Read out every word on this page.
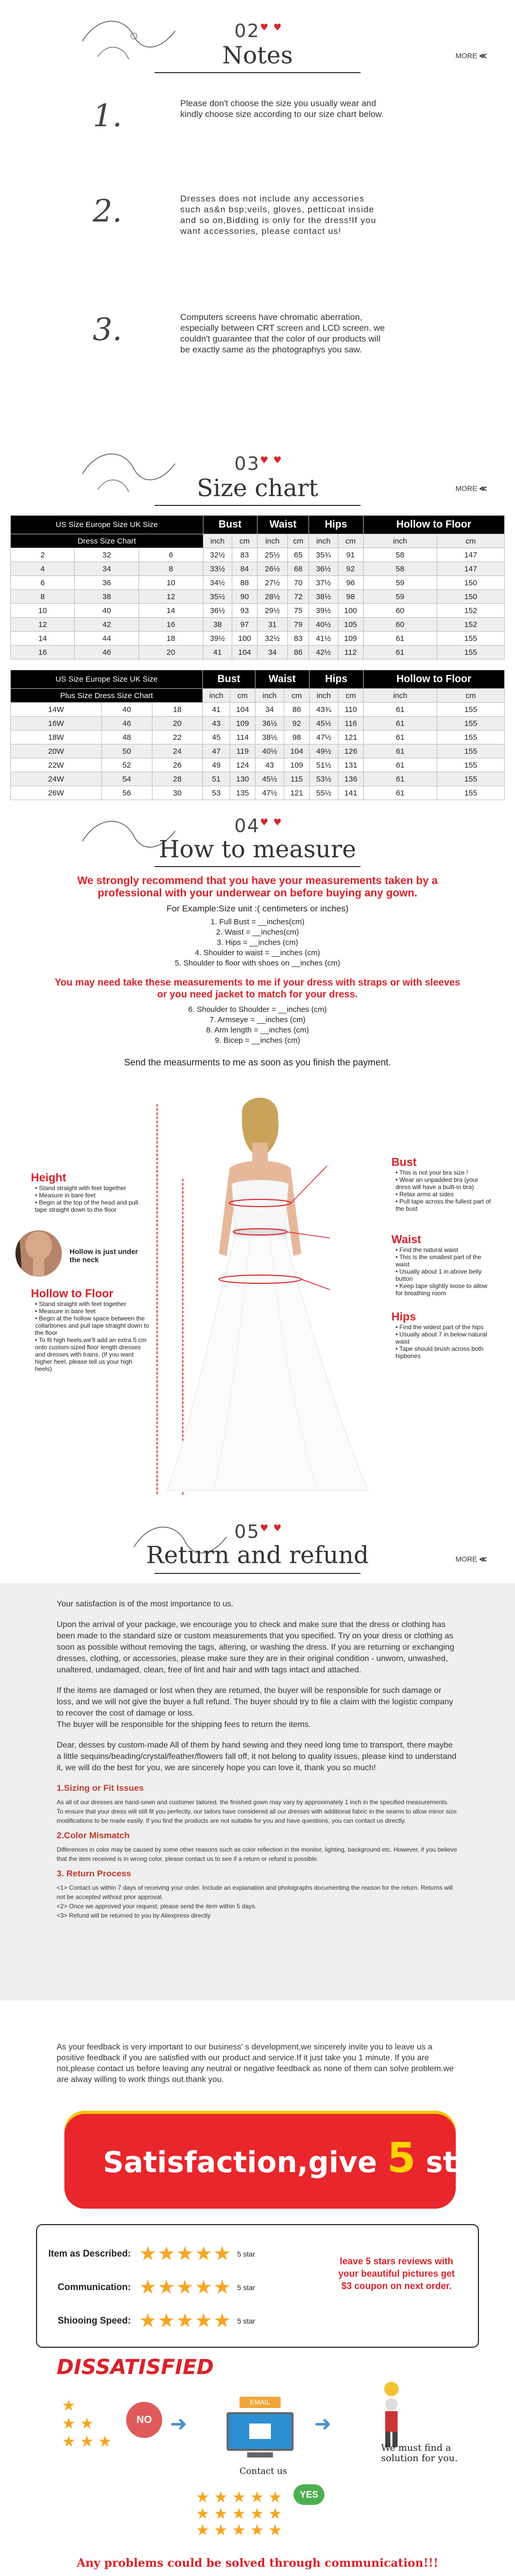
02♥ ♥
Notes	MORE ≪
1.	Please don't choose the size you usually wear and kindly choose size according to our size chart below.
2.	Dresses does not include any accessories such as&n bsp;veils, gloves, petticoat inside and so on,Bidding is only for the dress!If you want accessories, please contact us!
3.	Computers screens have chromatic aberration, especially between CRT screen and LCD screen. we couldn't guarantee that the color of our products will be exactly same as the photographys you saw.
03♥ ♥
Size chart	MORE ≪
US Size Europe Size UK Size			Bust		Waist		Hips		Hollow to Floor	
Dress Size Chart			inch	cm	inch	cm	inch	cm	inch	cm
2	32	6	32½	83	25½	65	35¾	91	58	147
4	34	8	33½	84	26½	68	36½	92	58	147
6	36	10	34½	88	27½	70	37½	96	59	150
8	38	12	35½	90	28½	72	38½	98	59	150
10	40	14	36½	93	29½	75	39½	100	60	152
12	42	16	38	97	31	79	40½	105	60	152
14	44	18	39½	100	32½	83	41½	109	61	155
16	46	20	41	104	34	86	42½	112	61	155
US Size Europe Size UK Size			Bust		Waist		Hips		Hollow to Floor	
Plus Size Dress Size Chart			inch	cm	inch	cm	inch	cm	inch	cm
14W	40	18	41	104	34	86	43¾	110	61	155
16W	46	20	43	109	36½	92	45½	116	61	155
18W	48	22	45	114	38½	98	47½	121	61	155
20W	50	24	47	119	40½	104	49½	126	61	155
22W	52	26	49	124	43	109	51½	131	61	155
24W	54	28	51	130	45½	115	53½	136	61	155
26W	56	30	53	135	47½	121	55½	141	61	155
04♥ ♥
How to measure
We strongly recommend that you have your measurements taken by a professional with your underwear on before buying any gown.
For Example:Size unit :( centimeters or inches)
1. Full Bust = __inches(cm)
2. Waist = __inches(cm)
3. Hips = __inches (cm)
4. Shoulder to waist = __inches (cm)
5. Shoulder to floor with shoes on __inches (cm)
You may need take these measurements to me if your dress with straps or with sleeves or you need jacket to match for your dress.
6. Shoulder to Shoulder = __inches (cm)
7. Armseye = __inches (cm)
8. Arm length = __inches (cm)
9. Bicep = __inches (cm)
Send the measurments to me as soon as you finish the payment.
Height
• Stand straight with feet together
• Measure in bare feet
• Begin at the top of the head and pull tape straight down to the floor
Hollow is just under the neck
Hollow to Floor
• Stand straight with feet together
• Measure in bare feet
• Begin at the hollow space between the collarbones and pull tape straight down to the floor
• To fit high heels,we'll add an extra 5 cm onto custom-sized floor length dresses and dresses with trains. (If you want higher heel, please tell us your high heels)
Bust
• This is not your bra size !
• Wear an unpadded bra (your dress will have a built-in bra)
• Relax arms at sides
• Pull tape across the fullest part of the bust
Waist
• Find the natural waist
• This is the smallest part of the waist
• Usually about 1 in.above belly button
• Keep tape slightly loose to allow for breathing room
Hips
• Find the widest part of the hips
• Usually about 7 in.below natural waist
• Tape should brush across both hipbones
05♥ ♥
Return and refund	MORE ≪

Your satisfaction is of the most importance to us.

Upon the arrival of your package, we encourage you to check and make sure that the dress or clothing has been made to the standard size or custom measurements that you specified. Try on your dress or clothing as soon as possible without removing the tags, altering, or washing the dress. If you are returning or exchanging dresses, clothing, or accessories, please make sure they are in their original condition - unworn, unwashed, unaltered, undamaged, clean, free of lint and hair and with tags intact and attached.

If the items are damaged or lost when they are returned, the buyer will be responsible for such damage or loss, and we will not give the buyer a full refund. The buyer should try to file a claim with the logistic company to recover the cost of damage or loss.
The buyer will be responsible for the shipping fees to return the items.

Dear, desses by custom-made All of them by hand sewing and they need long time to transport, there maybe a little sequins/beading/crystal/feather/flowers fall off, it not belong to quality issues, please kind to understand it, we will do the best for you, we are sincerely hope you can love it, thank you so much!

1.Sizing or Fit Issues
As all of our dresses are hand-sewn and customer tailored, the finished gown may vary by approximately 1 inch in the specified measurements.
To ensure that your dress will still fit you perfectly, our tailors have considered all our dresses with additional fabric in the seams to allow minor size modifications to be made easily. If you find the products are not suitable for you and have questions, you can contact us directly.
2.Color Mismatch
Differences in color may be caused by some other reasons such as color reflection in the monitor, lighting, background etc. However, if you believe that the item received is in wrong color, please contact us to see if a return or refund is possible.
3. Return Process
<1> Contact us within 7 days of receiving your order. Include an explanation and photographs documenting the reason for the return. Returns will not be accepted without prior approval.
<2> Once we approved your request, please send the item within 5 days.
<3> Refund will be returned to you by Aliexpress directly
As your feedback is very important to our business' s development,we sincerely invite you to leave us a positive feedback if you are satisfied with our product and service.If it just take you 1 minute. If you are not,please contact us before leaving any neutral or negative feedback as none of them can solve problem.we are alway willing to work things out.thank you.
Satisfaction,give 5 star
Item as Described: ★★★★★ 5 star
Communication: ★★★★★ 5 star
Shiooing Speed: ★★★★★ 5 star
leave 5 stars reviews with your beautiful pictures get $3 coupon on next order.
DISSATISFIED
★
★ ★
★ ★ ★
NO ➜
EMAIL
Contact us
➜
We must find a solution for you.
★ ★ ★ ★ ★
★ ★ ★ ★ ★
★ ★ ★ ★ ★
YES
Any problems could be solved through communication!!!
